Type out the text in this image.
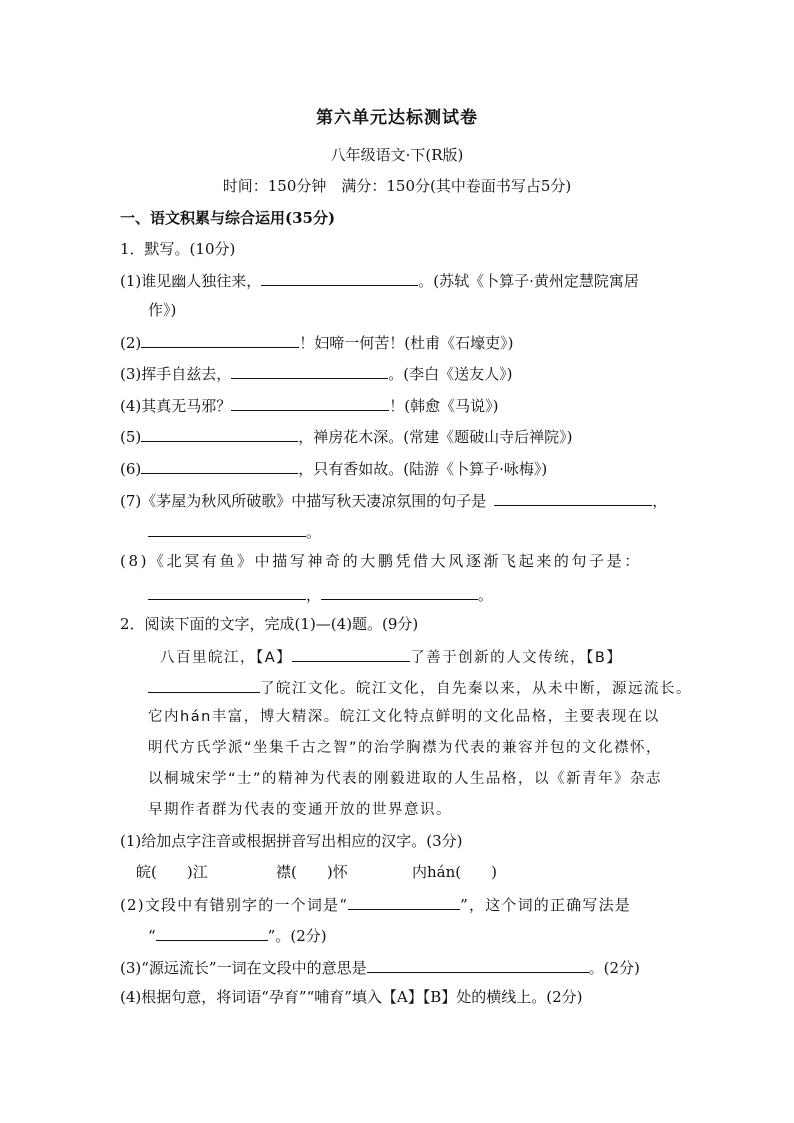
第六单元达标测试卷
八年级语文·下(R版)
时间：150分钟　满分：150分(其中卷面书写占5分)
一、语文积累与综合运用(35分)
1．默写。(10分)
(1)谁见幽人独往来，	。(苏轼《卜算子·黄州定慧院寓居
作》)
(2)	！妇啼一何苦！(杜甫《石壕吏》)
(3)挥手自兹去，	。(李白《送友人》)
(4)其真无马邪？	！(韩愈《马说》)
(5)	，禅房花木深。(常建《题破山寺后禅院》)
(6)	，只有香如故。(陆游《卜算子·咏梅》)
(7)《茅屋为秋风所破歌》中描写秋天凄凉氛围的句子是	，
。
(8)《北冥有鱼》中描写神奇的大鹏凭借大风逐渐飞起来的句子是：
，	。
2．阅读下面的文字，完成(1)—(4)题。(9分)
八百里皖江，【A】	了善于创新的人文传统，【B】
了皖江文化。皖江文化，自先秦以来，从未中断，源远流长。
它内hán丰富，博大精深。皖江文化特点鲜明的文化品格，主要表现在以
明代方氏学派“坐集千古之智”的治学胸襟为代表的兼容并包的文化襟怀，
以桐城宋学“士”的精神为代表的刚毅进取的人生品格，以《新青年》杂志
早期作者群为代表的变通开放的世界意识。
(1)给加点字注音或根据拼音写出相应的汉字。(3分)
皖(　　)江	襟(　　)怀	内hán(　　)
(2)文段中有错别字的一个词是“	”，这个词的正确写法是
“	”。(2分)
(3)“源远流长”一词在文段中的意思是	。(2分)
(4)根据句意，将词语“孕育”“哺育”填入【A】【B】处的横线上。(2分)
